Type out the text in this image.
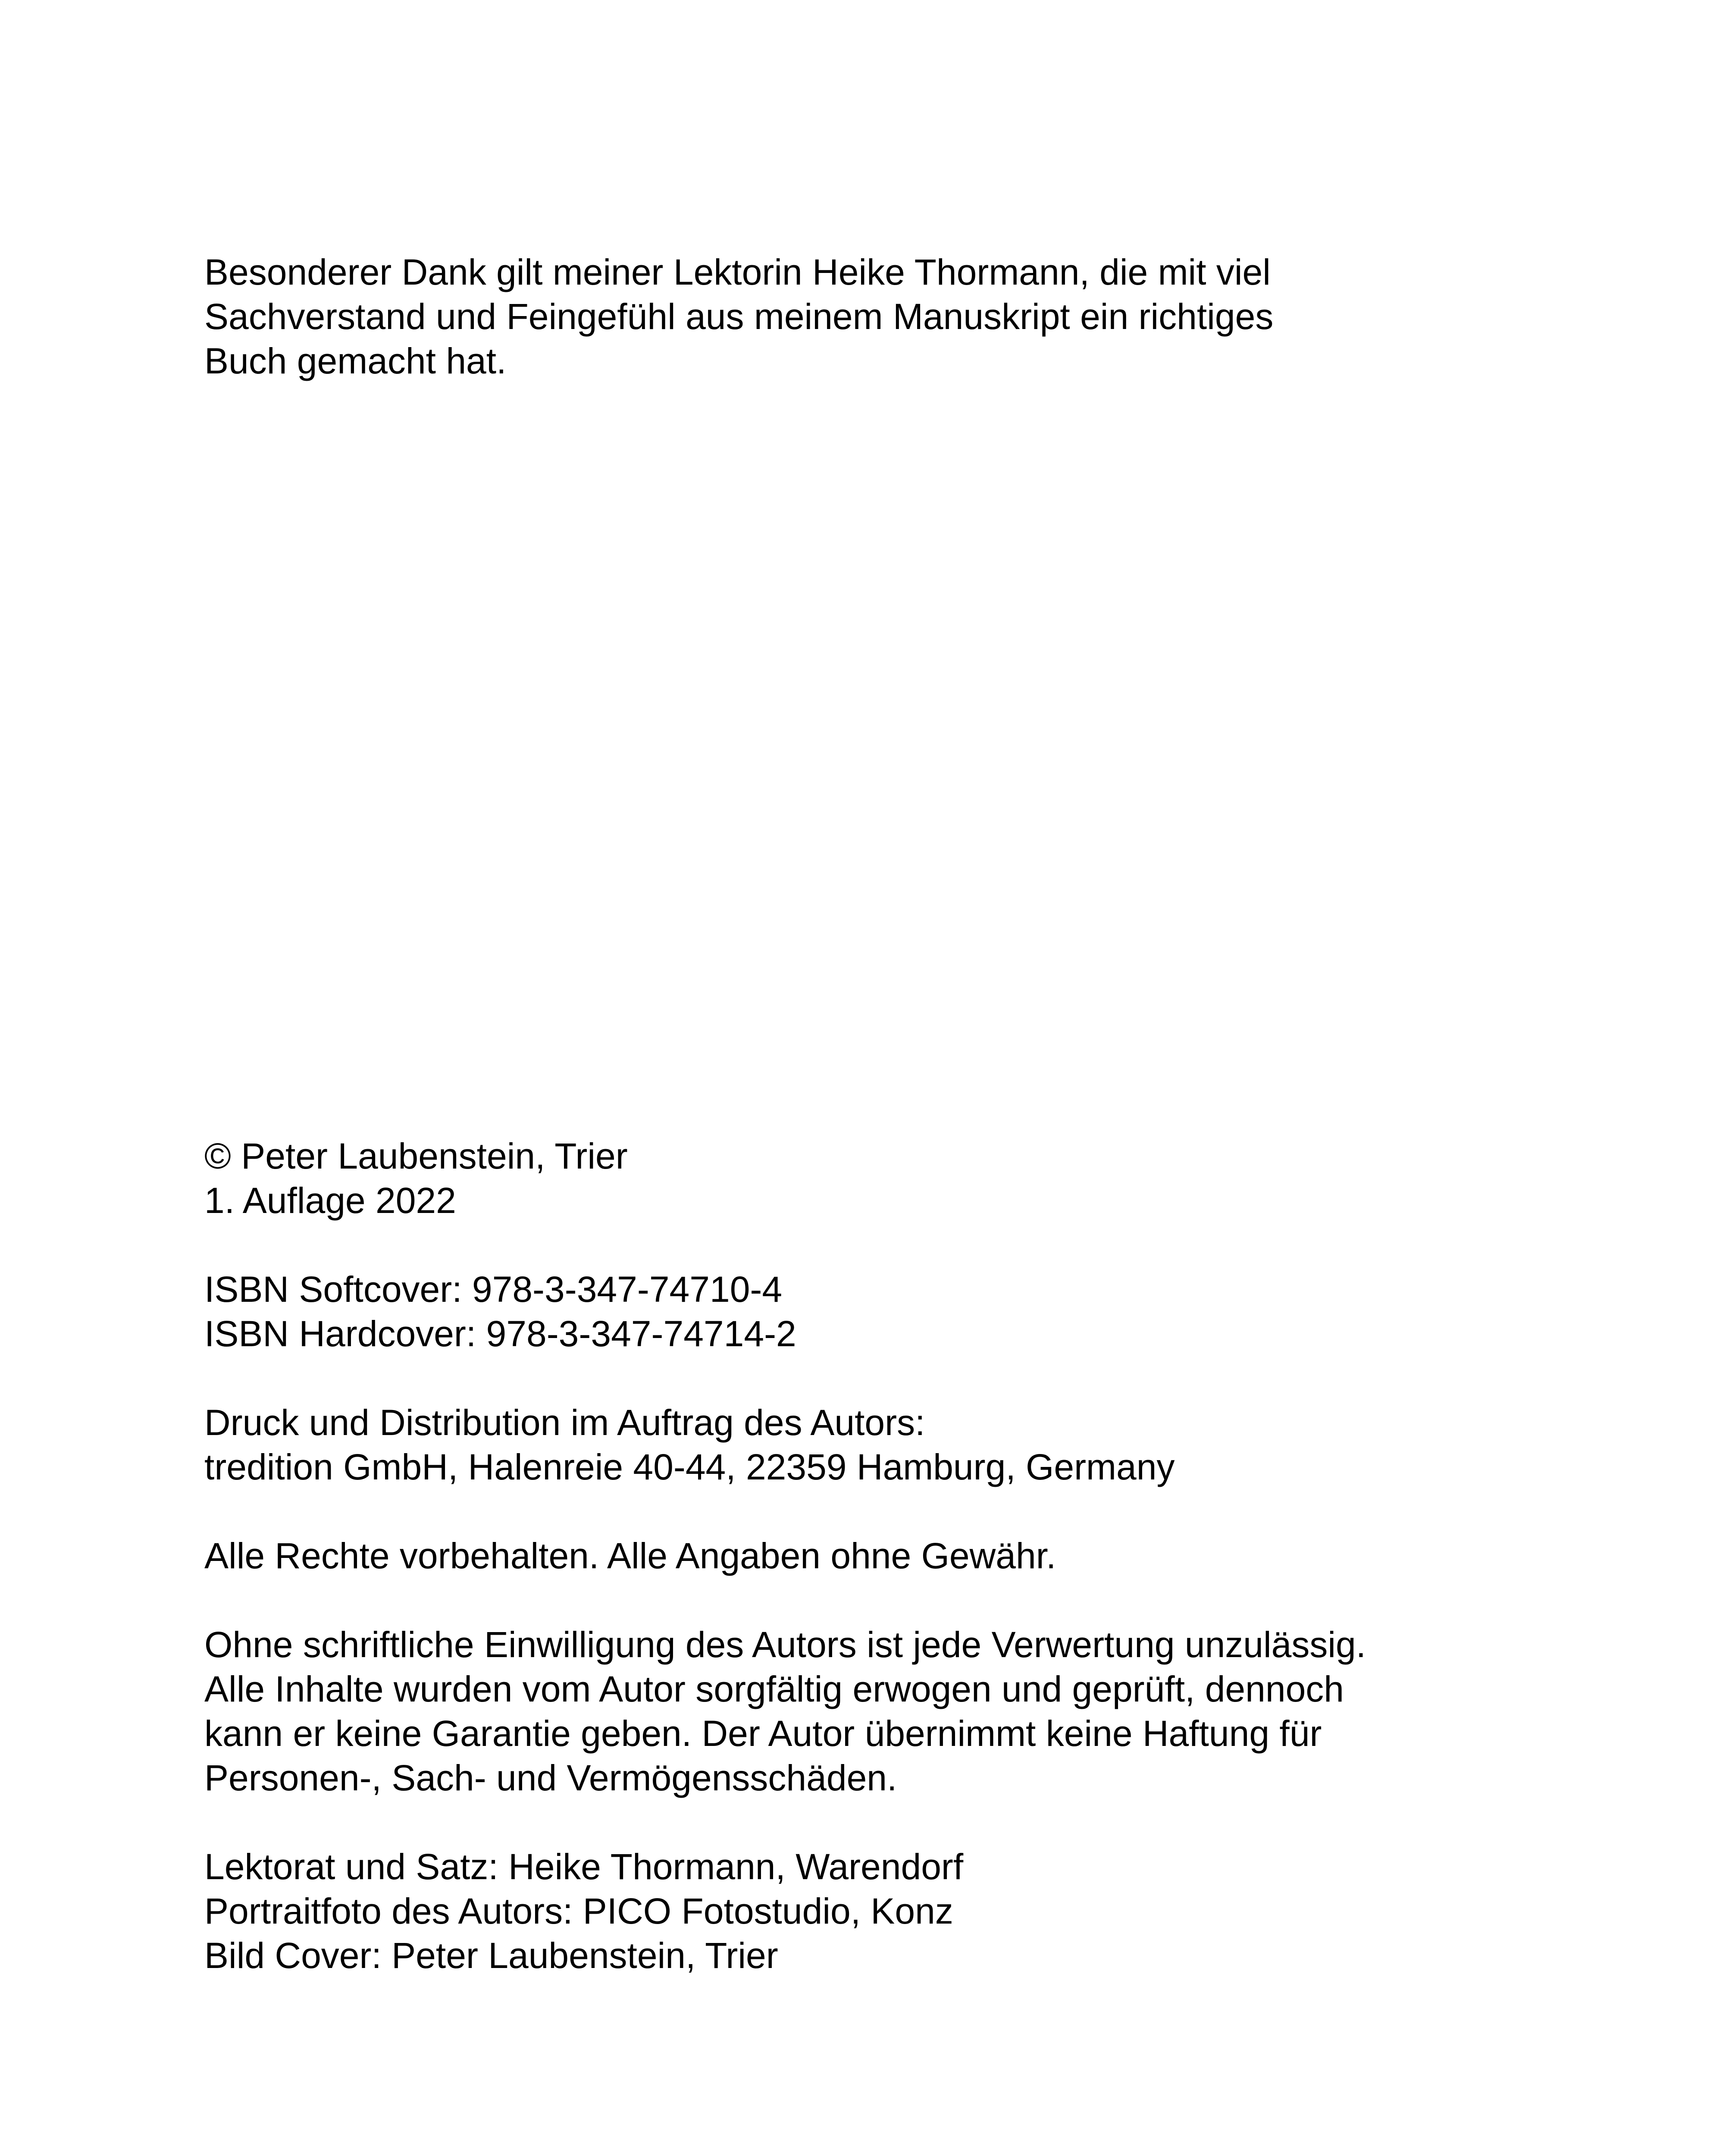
Besonderer Dank gilt meiner Lektorin Heike Thormann, die mit viel
Sachverstand und Feingefühl aus meinem Manuskript ein richtiges
Buch gemacht hat.
© Peter Laubenstein, Trier
1. Auflage 2022
ISBN Softcover: 978-3-347-74710-4
ISBN Hardcover: 978-3-347-74714-2
Druck und Distribution im Auftrag des Autors:
tredition GmbH, Halenreie 40-44, 22359 Hamburg, Germany
Alle Rechte vorbehalten. Alle Angaben ohne Gewähr.
Ohne schriftliche Einwilligung des Autors ist jede Verwertung unzulässig.
Alle Inhalte wurden vom Autor sorgfältig erwogen und geprüft, dennoch
kann er keine Garantie geben. Der Autor übernimmt keine Haftung für
Personen-, Sach- und Vermögensschäden.
Lektorat und Satz: Heike Thormann, Warendorf
Portraitfoto des Autors: PICO Fotostudio, Konz
Bild Cover: Peter Laubenstein, Trier
